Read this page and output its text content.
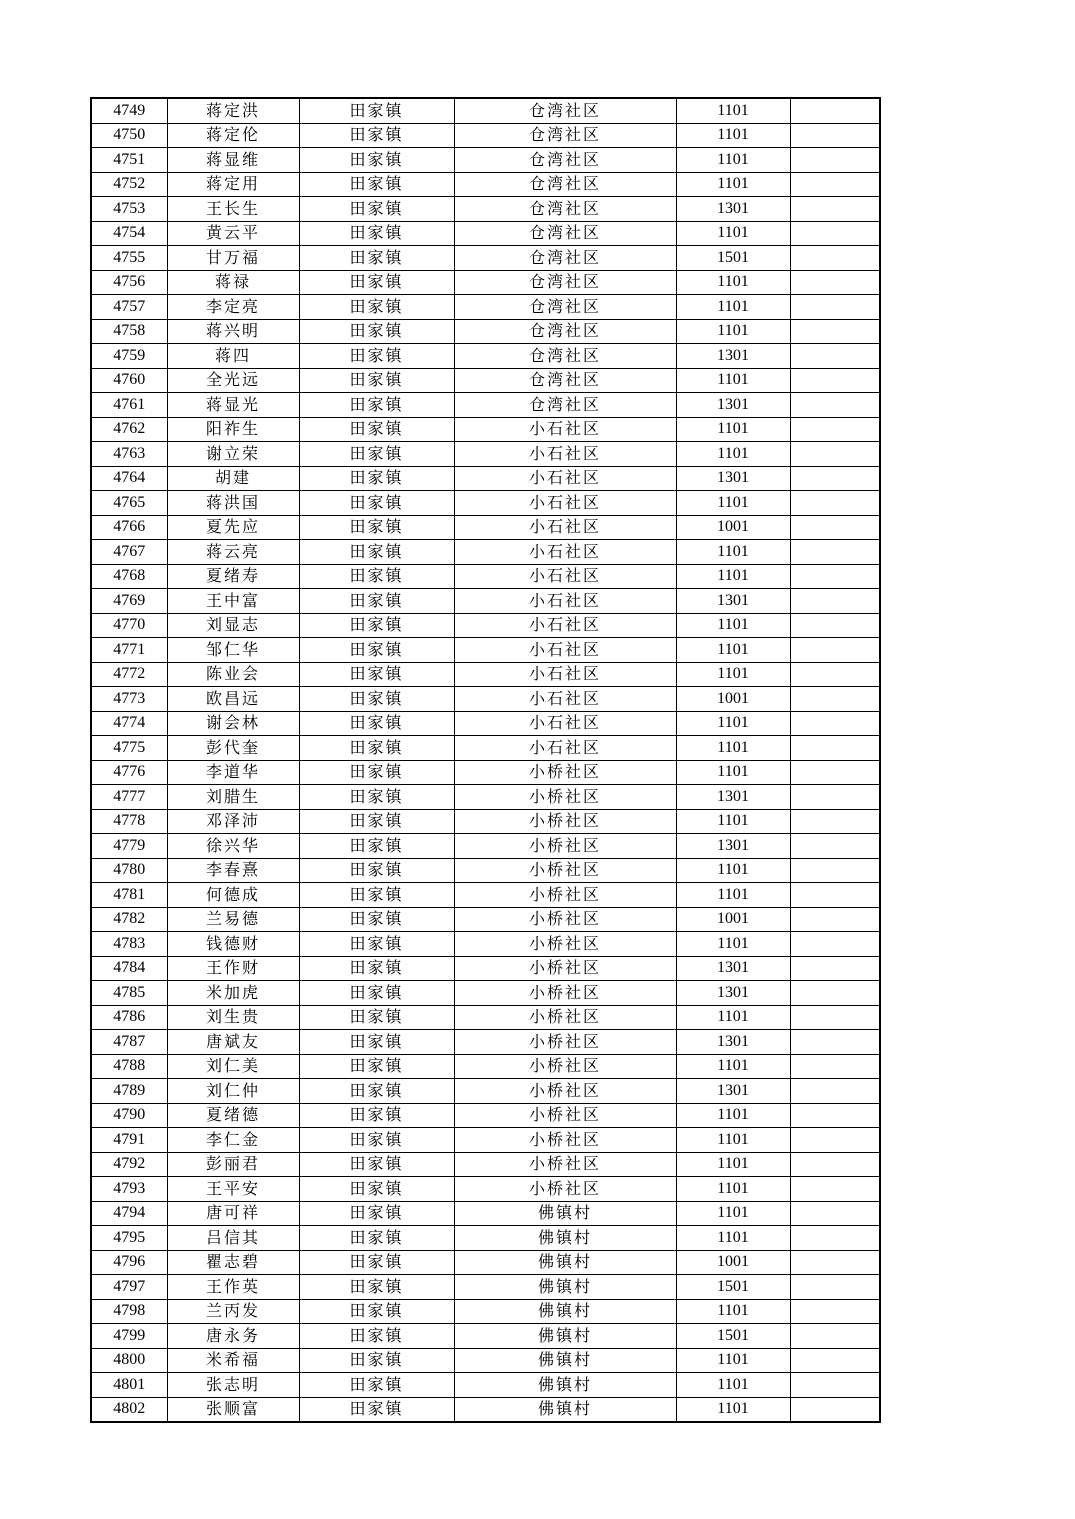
4749	蒋定洪	田家镇	仓湾社区	1101	
4750	蒋定伦	田家镇	仓湾社区	1101	
4751	蒋显维	田家镇	仓湾社区	1101	
4752	蒋定用	田家镇	仓湾社区	1101	
4753	王长生	田家镇	仓湾社区	1301	
4754	黄云平	田家镇	仓湾社区	1101	
4755	甘万福	田家镇	仓湾社区	1501	
4756	蒋禄	田家镇	仓湾社区	1101	
4757	李定亮	田家镇	仓湾社区	1101	
4758	蒋兴明	田家镇	仓湾社区	1101	
4759	蒋四	田家镇	仓湾社区	1301	
4760	全光远	田家镇	仓湾社区	1101	
4761	蒋显光	田家镇	仓湾社区	1301	
4762	阳祚生	田家镇	小石社区	1101	
4763	谢立荣	田家镇	小石社区	1101	
4764	胡建	田家镇	小石社区	1301	
4765	蒋洪国	田家镇	小石社区	1101	
4766	夏先应	田家镇	小石社区	1001	
4767	蒋云亮	田家镇	小石社区	1101	
4768	夏绪寿	田家镇	小石社区	1101	
4769	王中富	田家镇	小石社区	1301	
4770	刘显志	田家镇	小石社区	1101	
4771	邹仁华	田家镇	小石社区	1101	
4772	陈业会	田家镇	小石社区	1101	
4773	欧昌远	田家镇	小石社区	1001	
4774	谢会林	田家镇	小石社区	1101	
4775	彭代奎	田家镇	小石社区	1101	
4776	李道华	田家镇	小桥社区	1101	
4777	刘腊生	田家镇	小桥社区	1301	
4778	邓泽沛	田家镇	小桥社区	1101	
4779	徐兴华	田家镇	小桥社区	1301	
4780	李春熹	田家镇	小桥社区	1101	
4781	何德成	田家镇	小桥社区	1101	
4782	兰易德	田家镇	小桥社区	1001	
4783	钱德财	田家镇	小桥社区	1101	
4784	王作财	田家镇	小桥社区	1301	
4785	米加虎	田家镇	小桥社区	1301	
4786	刘生贵	田家镇	小桥社区	1101	
4787	唐斌友	田家镇	小桥社区	1301	
4788	刘仁美	田家镇	小桥社区	1101	
4789	刘仁仲	田家镇	小桥社区	1301	
4790	夏绪德	田家镇	小桥社区	1101	
4791	李仁金	田家镇	小桥社区	1101	
4792	彭丽君	田家镇	小桥社区	1101	
4793	王平安	田家镇	小桥社区	1101	
4794	唐可祥	田家镇	佛镇村	1101	
4795	吕信其	田家镇	佛镇村	1101	
4796	瞿志碧	田家镇	佛镇村	1001	
4797	王作英	田家镇	佛镇村	1501	
4798	兰丙发	田家镇	佛镇村	1101	
4799	唐永务	田家镇	佛镇村	1501	
4800	米希福	田家镇	佛镇村	1101	
4801	张志明	田家镇	佛镇村	1101	
4802	张顺富	田家镇	佛镇村	1101	
